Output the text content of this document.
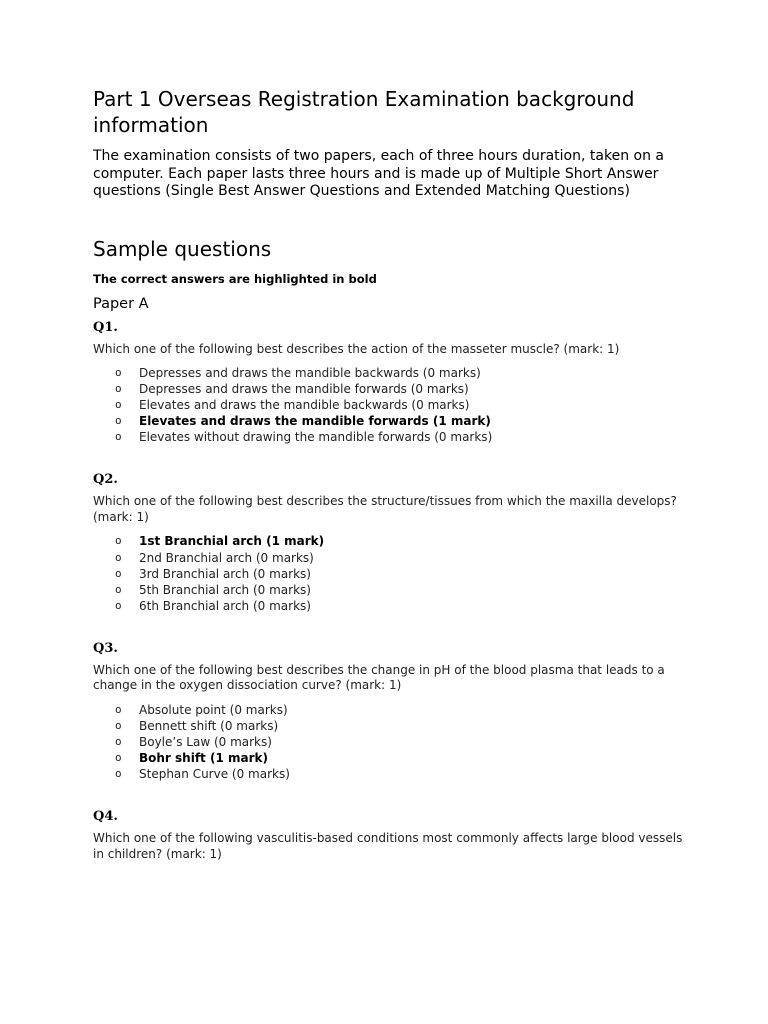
Part 1 Overseas Registration Examination background information

The examination consists of two papers, each of three hours duration, taken on a computer. Each paper lasts three hours and is made up of Multiple Short Answer questions (Single Best Answer Questions and Extended Matching Questions)

Sample questions
The correct answers are highlighted in bold
Paper A
Q1.
Which one of the following best describes the action of the masseter muscle? (mark: 1)
o Depresses and draws the mandible backwards (0 marks)
o Depresses and draws the mandible forwards (0 marks)
o Elevates and draws the mandible backwards (0 marks)
o Elevates and draws the mandible forwards (1 mark)
o Elevates without drawing the mandible forwards (0 marks)
Q2.
Which one of the following best describes the structure/tissues from which the maxilla develops? (mark: 1)
o 1st Branchial arch (1 mark)
o 2nd Branchial arch (0 marks)
o 3rd Branchial arch (0 marks)
o 5th Branchial arch (0 marks)
o 6th Branchial arch (0 marks)
Q3.
Which one of the following best describes the change in pH of the blood plasma that leads to a change in the oxygen dissociation curve? (mark: 1)
o Absolute point (0 marks)
o Bennett shift (0 marks)
o Boyle’s Law (0 marks)
o Bohr shift (1 mark)
o Stephan Curve (0 marks)
Q4.
Which one of the following vasculitis-based conditions most commonly affects large blood vessels in children? (mark: 1)
